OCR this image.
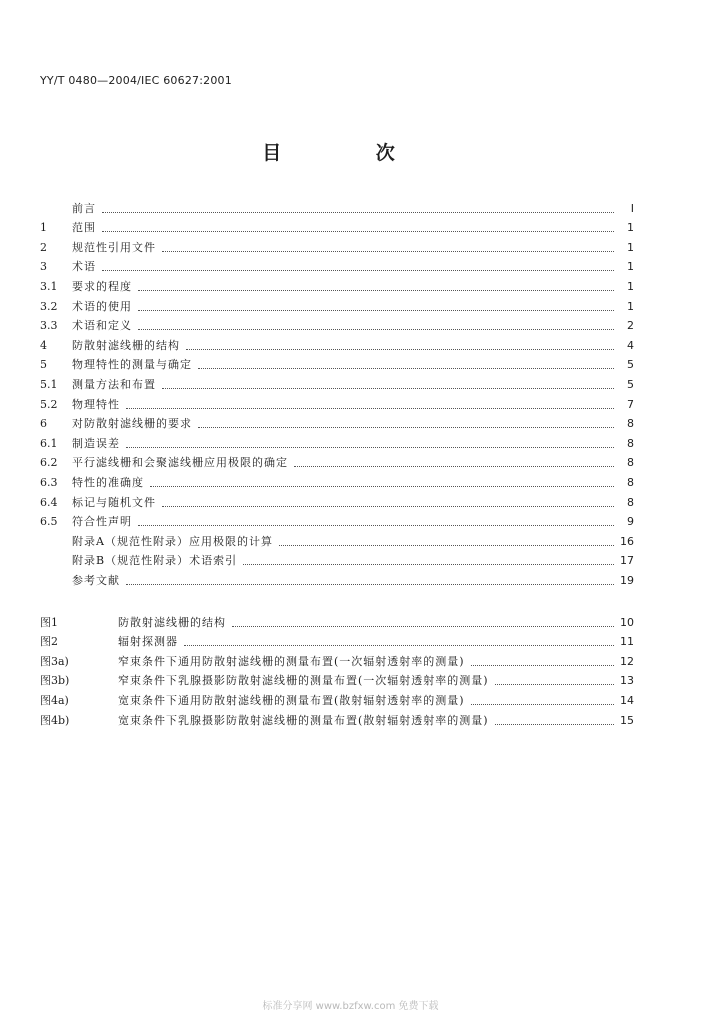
YY/T 0480—2004/IEC 60627:2001
目 次
前言	I
1	范围	1
2	规范性引用文件	1
3	术语	1
3.1	要求的程度	1
3.2	术语的使用	1
3.3	术语和定义	2
4	防散射滤线栅的结构	4
5	物理特性的测量与确定	5
5.1	测量方法和布置	5
5.2	物理特性	7
6	对防散射滤线栅的要求	8
6.1	制造误差	8
6.2	平行滤线栅和会聚滤线栅应用极限的确定	8
6.3	特性的准确度	8
6.4	标记与随机文件	8
6.5	符合性声明	9
附录A（规范性附录）应用极限的计算	16
附录B（规范性附录）术语索引	17
参考文献	19
图1	防散射滤线栅的结构	10
图2	辐射探测器	11
图3a)	窄束条件下通用防散射滤线栅的测量布置(一次辐射透射率的测量)	12
图3b)	窄束条件下乳腺摄影防散射滤线栅的测量布置(一次辐射透射率的测量)	13
图4a)	宽束条件下通用防散射滤线栅的测量布置(散射辐射透射率的测量)	14
图4b)	宽束条件下乳腺摄影防散射滤线栅的测量布置(散射辐射透射率的测量)	15
标准分享网 www.bzfxw.com 免费下载
